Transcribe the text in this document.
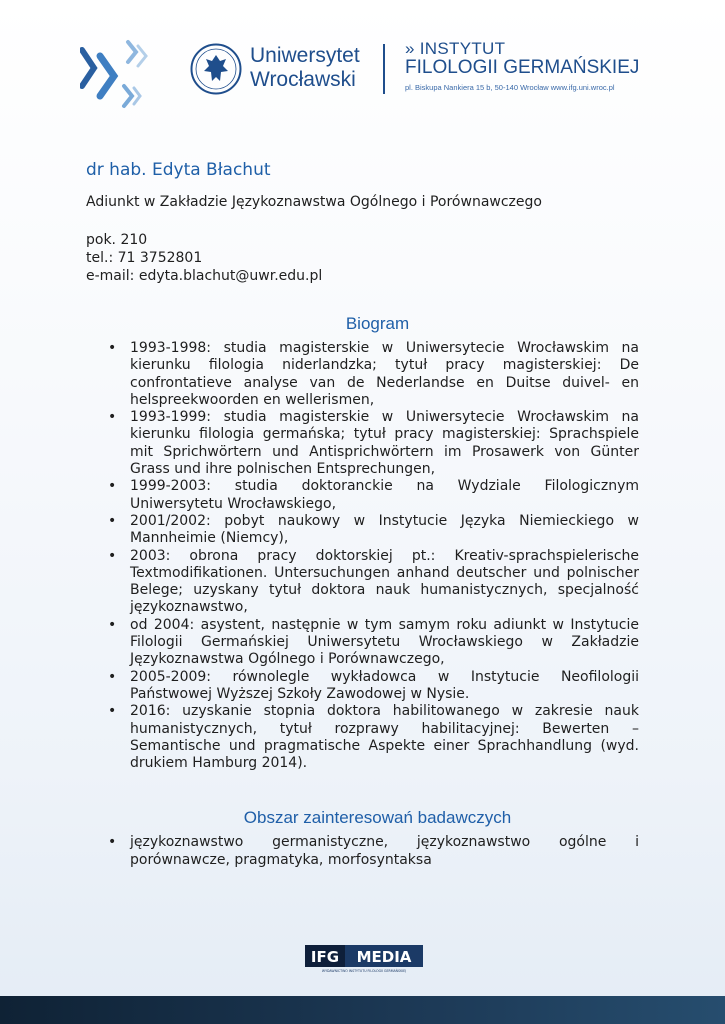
Uniwersytet
Wrocławski
» INSTYTUT
FILOLOGII GERMAŃSKIEJ
pl. Biskupa Nankiera 15 b, 50-140 Wrocław www.ifg.uni.wroc.pl
dr hab. Edyta Błachut

Adiunkt w Zakładzie Językoznawstwa Ogólnego i Porównawczego

pok. 210

tel.: 71 3752801

e-mail: edyta.blachut@uwr.edu.pl

Biogram
• 1993-1998: studia magisterskie w Uniwersytecie Wrocławskim na kierunku filologia niderlandzka; tytuł pracy magisterskiej: De confrontatieve analyse van de Nederlandse en Duitse duivel- en helspreekwoorden en wellerismen,
• 1993-1999: studia magisterskie w Uniwersytecie Wrocławskim na kierunku filologia germańska; tytuł pracy magisterskiej: Sprachspiele mit Sprichwörtern und Antisprichwörtern im Prosawerk von Günter Grass und ihre polnischen Entsprechungen,
• 1999-2003: studia doktoranckie na Wydziale Filologicznym Uniwersytetu Wrocławskiego,
• 2001/2002: pobyt naukowy w Instytucie Języka Niemieckiego w Mannheimie (Niemcy),
• 2003: obrona pracy doktorskiej pt.: Kreativ-sprachspielerische Textmodifikationen. Untersuchungen anhand deutscher und polnischer Belege; uzyskany tytuł doktora nauk humanistycznych, specjalność językoznawstwo,
• od 2004: asystent, następnie w tym samym roku adiunkt w Instytucie Filologii Germańskiej Uniwersytetu Wrocławskiego w Zakładzie Językoznawstwa Ogólnego i Porównawczego,
• 2005-2009: równolegle wykładowca w Instytucie Neofilologii Państwowej Wyższej Szkoły Zawodowej w Nysie.
• 2016: uzyskanie stopnia doktora habilitowanego w zakresie nauk humanistycznych, tytuł rozprawy habilitacyjnej: Bewerten – Semantische und pragmatische Aspekte einer Sprachhandlung (wyd. drukiem Hamburg 2014).
Obszar zainteresowań badawczych
• językoznawstwo germanistyczne, językoznawstwo ogólne i porównawcze, pragmatyka, morfosyntaksa
IFG MEDIA
WYDAWNICTWO INSTYTUTU FILOLOGII GERMAŃSKIEJ
